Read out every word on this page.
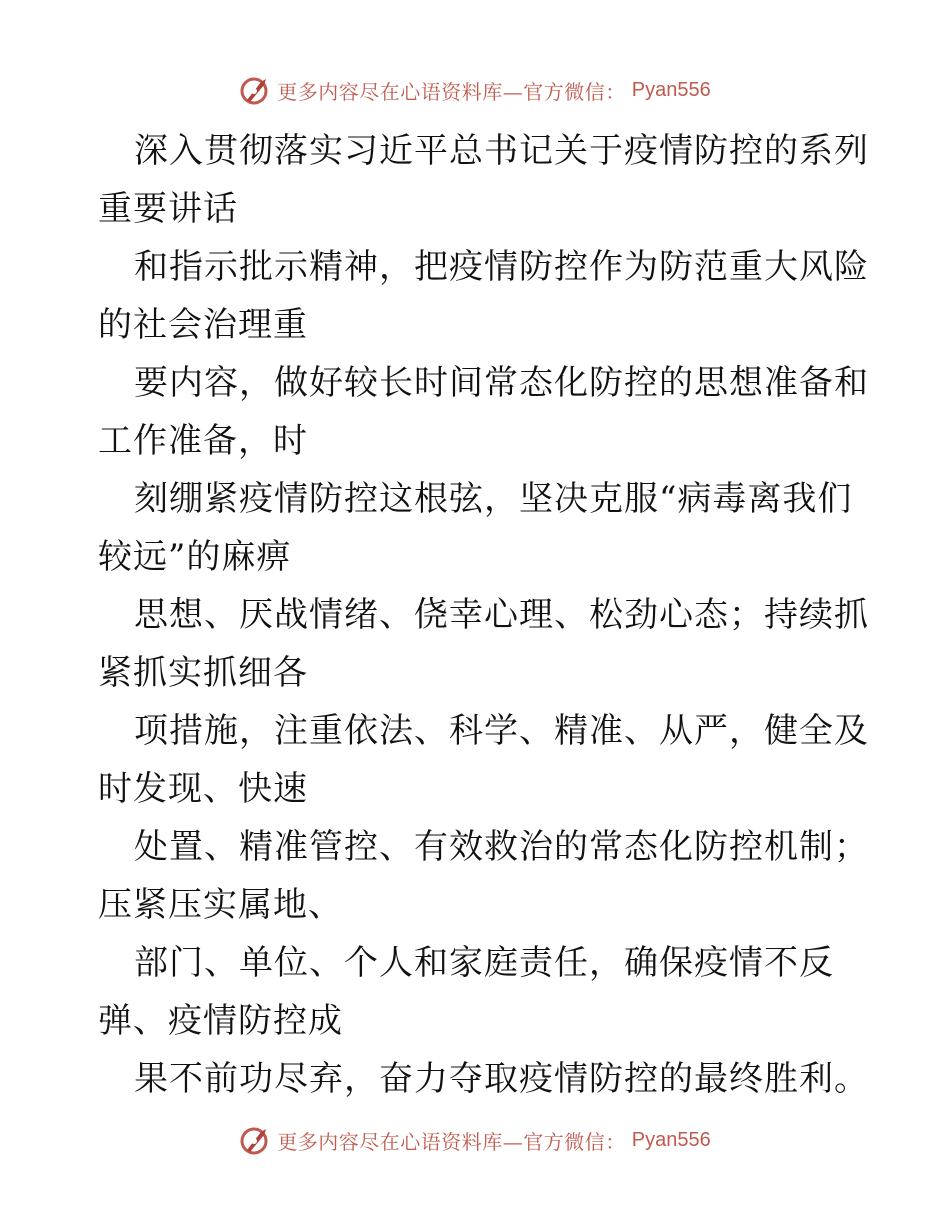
更多内容尽在心语资料库—官方微信： Pyan556
深入贯彻落实习近平总书记关于疫情防控的系列
重要讲话
和指示批示精神，把疫情防控作为防范重大风险
的社会治理重
要内容，做好较长时间常态化防控的思想准备和
工作准备，时
刻绷紧疫情防控这根弦，坚决克服“病毒离我们
较远”的麻痹
思想、厌战情绪、侥幸心理、松劲心态；持续抓
紧抓实抓细各
项措施，注重依法、科学、精准、从严，健全及
时发现、快速
处置、精准管控、有效救治的常态化防控机制；
压紧压实属地、
部门、单位、个人和家庭责任，确保疫情不反
弹、疫情防控成
果不前功尽弃，奋力夺取疫情防控的最终胜利。
更多内容尽在心语资料库—官方微信： Pyan556
